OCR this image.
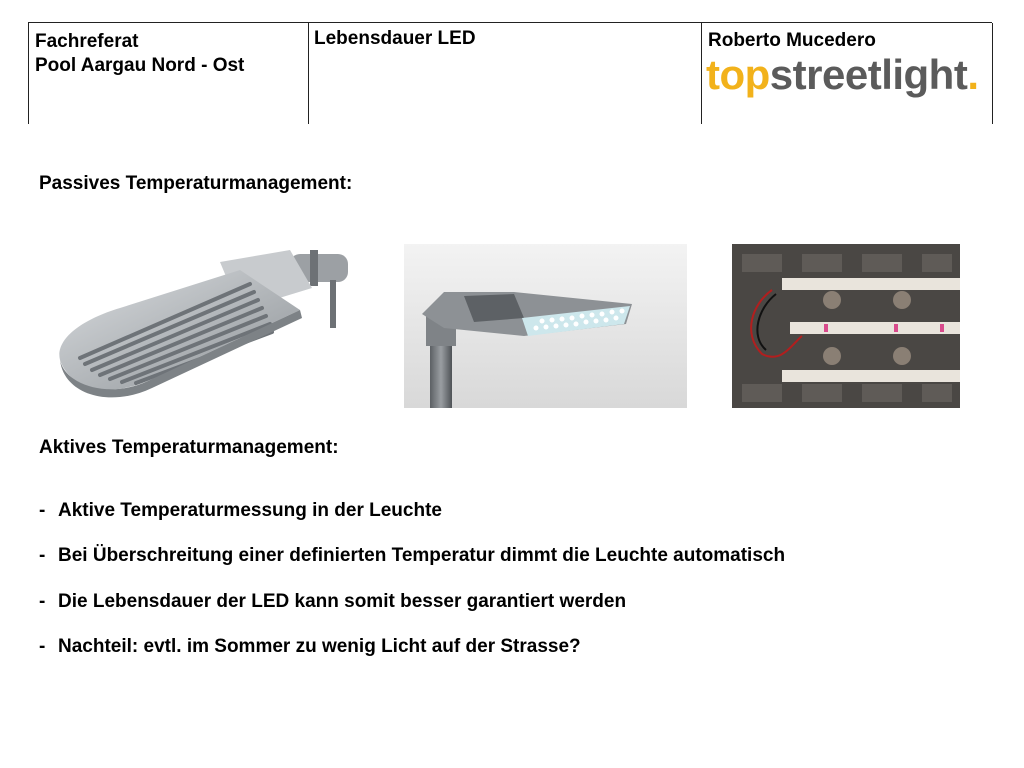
Fachreferat
Pool Aargau Nord - Ost
Lebensdauer LED	Roberto Mucedero
topstreetlight.
Passives Temperaturmanagement:
Aktives Temperaturmanagement:
- Aktive Temperaturmessung in der Leuchte
- Bei Überschreitung einer definierten Temperatur dimmt die Leuchte automatisch
- Die Lebensdauer der LED kann somit besser garantiert werden
- Nachteil: evtl. im Sommer zu wenig Licht auf der Strasse?
